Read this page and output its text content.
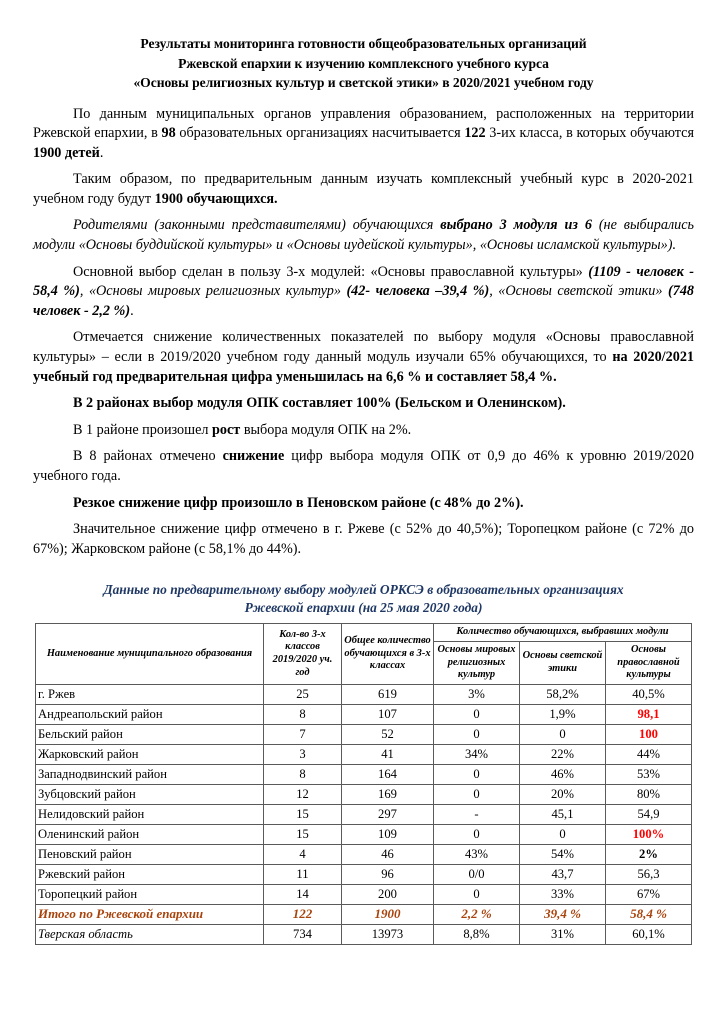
Результаты мониторинга готовности общеобразовательных организаций
Ржевской епархии к изучению комплексного учебного курса
«Основы религиозных культур и светской этики» в 2020/2021 учебном году

По данным муниципальных органов управления образованием, расположенных на территории Ржевской епархии, в 98 образовательных организациях насчитывается 122 3-их класса, в которых обучаются 1900 детей.

Таким образом, по предварительным данным изучать комплексный учебный курс в 2020-2021 учебном году будут 1900 обучающихся.

Родителями (законными представителями) обучающихся выбрано 3 модуля из 6 (не выбирались модули «Основы буддийской культуры» и «Основы иудейской культуры», «Основы исламской культуры»).

Основной выбор сделан в пользу 3-х модулей: «Основы православной культуры» (1109 - человек - 58,4 %), «Основы мировых религиозных культур» (42- человека –39,4 %), «Основы светской этики» (748 человек - 2,2 %).

Отмечается снижение количественных показателей по выбору модуля «Основы православной культуры» – если в 2019/2020 учебном году данный модуль изучали 65% обучающихся, то на 2020/2021 учебный год предварительная цифра уменьшилась на 6,6 % и составляет 58,4 %.

В 2 районах выбор модуля ОПК составляет 100% (Бельском и Оленинском).

В 1 районе произошел рост выбора модуля ОПК на 2%.

В 8 районах отмечено снижение цифр выбора модуля ОПК от 0,9 до 46% к уровню 2019/2020 учебного года.

Резкое снижение цифр произошло в Пеновском районе (с 48% до 2%).

Значительное снижение цифр отмечено в г. Ржеве (с 52% до 40,5%); Торопецком районе (с 72% до 67%); Жарковском районе (с 58,1% до 44%).

Данные по предварительному выбору модулей ОРКСЭ в образовательных организациях
Ржевской епархии (на 25 мая 2020 года)
Наименование муниципального образования	Кол-во 3-х классов 2019/2020 уч. год	Общее количество обучающихся в 3-х классах	Количество обучающихся, выбравших модули		
			Основы мировых религиозных культур	Основы светской этики	Основы православной культуры
г. Ржев	25	619	3%	58,2%	40,5%
Андреапольский район	8	107	0	1,9%	98,1
Бельский район	7	52	0	0	100
Жарковский район	3	41	34%	22%	44%
Западнодвинский район	8	164	0	46%	53%
Зубцовский район	12	169	0	20%	80%
Нелидовский район	15	297	-	45,1	54,9
Оленинский район	15	109	0	0	100%
Пеновский район	4	46	43%	54%	2%
Ржевский район	11	96	0/0	43,7	56,3
Торопецкий район	14	200	0	33%	67%
Итого по Ржевской епархии	122	1900	2,2 %	39,4 %	58,4 %
Тверская область	734	13973	8,8%	31%	60,1%
